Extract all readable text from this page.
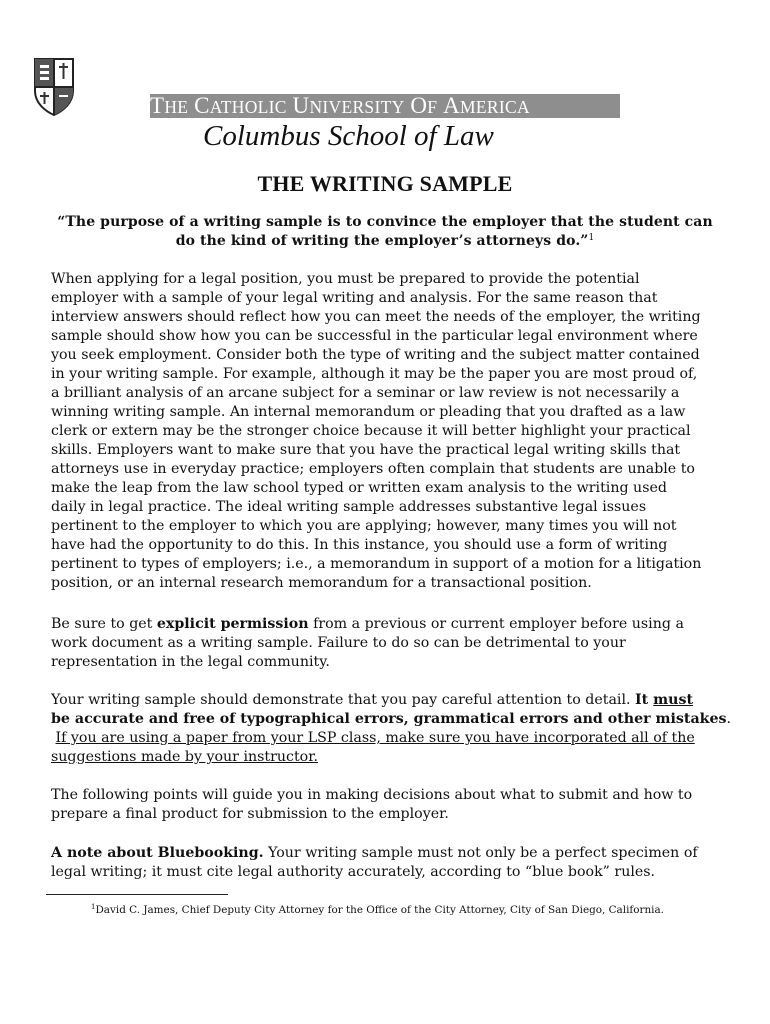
THE CATHOLIC UNIVERSITY OF AMERICA
Columbus School of Law
THE WRITING SAMPLE
“The purpose of a writing sample is to convince the employer that the student can do the kind of writing the employer’s attorneys do.”$^1$
When applying for a legal position, you must be prepared to provide the potential
employer with a sample of your legal writing and analysis. For the same reason that
interview answers should reflect how you can meet the needs of the employer, the writing
sample should show how you can be successful in the particular legal environment where
you seek employment. Consider both the type of writing and the subject matter contained
in your writing sample. For example, although it may be the paper you are most proud of,
a brilliant analysis of an arcane subject for a seminar or law review is not necessarily a
winning writing sample. An internal memorandum or pleading that you drafted as a law
clerk or extern may be the stronger choice because it will better highlight your practical
skills. Employers want to make sure that you have the practical legal writing skills that
attorneys use in everyday practice; employers often complain that students are unable to
make the leap from the law school typed or written exam analysis to the writing used
daily in legal practice. The ideal writing sample addresses substantive legal issues
pertinent to the employer to which you are applying; however, many times you will not
have had the opportunity to do this. In this instance, you should use a form of writing
pertinent to types of employers; i.e., a memorandum in support of a motion for a litigation
position, or an internal research memorandum for a transactional position.
Be sure to get explicit permission from a previous or current employer before using a
work document as a writing sample. Failure to do so can be detrimental to your
representation in the legal community.
Your writing sample should demonstrate that you pay careful attention to detail. It must
be accurate and free of typographical errors, grammatical errors and other mistakes.
If you are using a paper from your LSP class, make sure you have incorporated all of the
suggestions made by your instructor.
The following points will guide you in making decisions about what to submit and how to
prepare a final product for submission to the employer.
A note about Bluebooking. Your writing sample must not only be a perfect specimen of
legal writing; it must cite legal authority accurately, according to “blue book” rules.
$^1$David C. James, Chief Deputy City Attorney for the Office of the City Attorney, City of San Diego, California.
